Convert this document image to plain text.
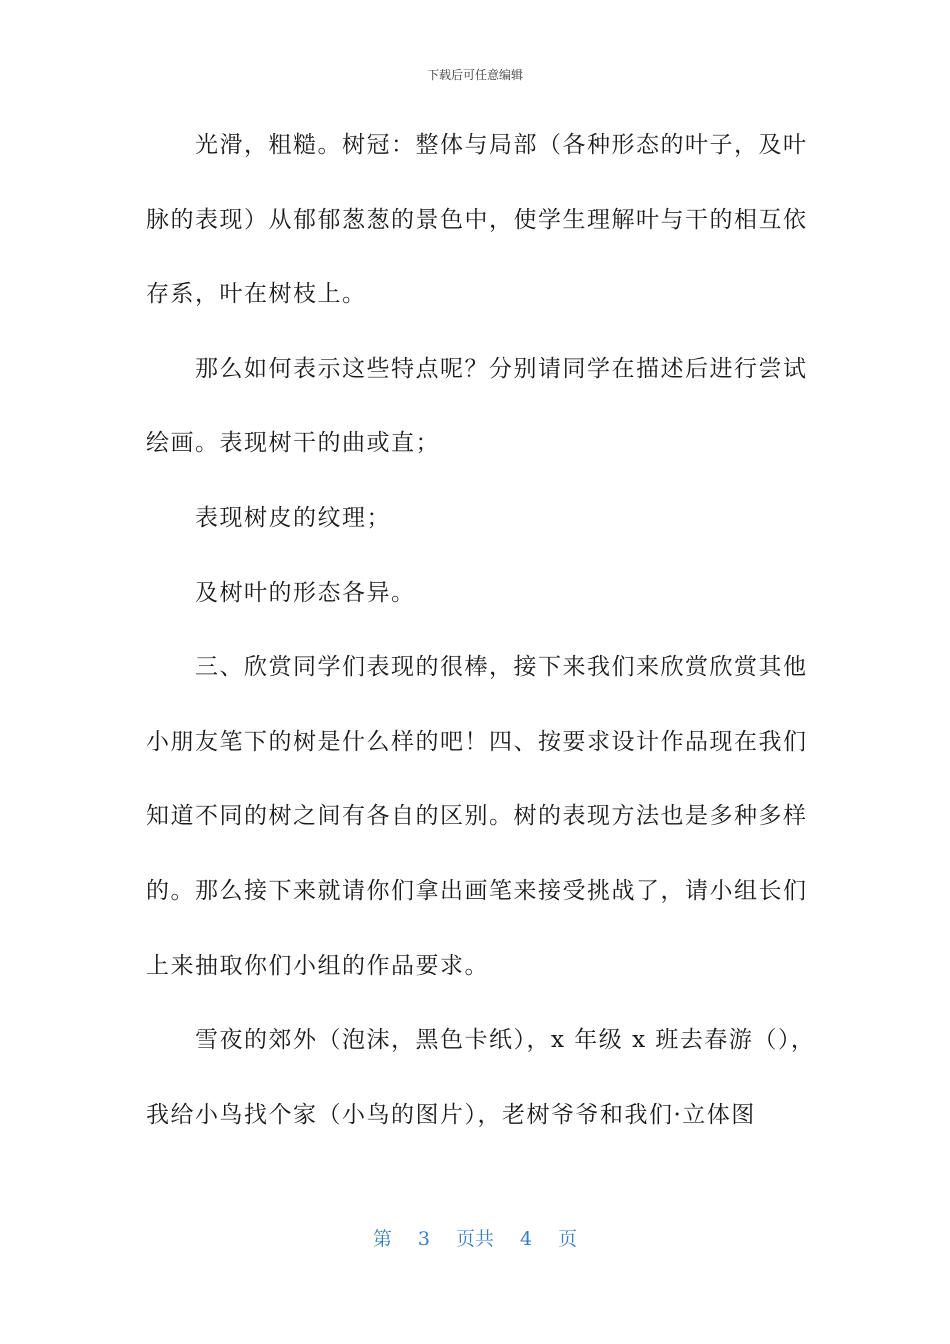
下载后可任意编辑
　　光滑，粗糙。树冠：整体与局部（各种形态的叶子，及叶
脉的表现）从郁郁葱葱的景色中，使学生理解叶与干的相互依
存系，叶在树枝上。
　　那么如何表示这些特点呢？分别请同学在描述后进行尝试
绘画。表现树干的曲或直；
　　表现树皮的纹理；
　　及树叶的形态各异。
　　三、欣赏同学们表现的很棒，接下来我们来欣赏欣赏其他
小朋友笔下的树是什么样的吧！四、按要求设计作品现在我们
知道不同的树之间有各自的区别。树的表现方法也是多种多样
的。那么接下来就请你们拿出画笔来接受挑战了，请小组长们
上来抽取你们小组的作品要求。
　　雪夜的郊外（泡沫，黑色卡纸），x 年级 x 班去春游（），
我给小鸟找个家（小鸟的图片），老树爷爷和我们·立体图
第 3 页共 4 页
